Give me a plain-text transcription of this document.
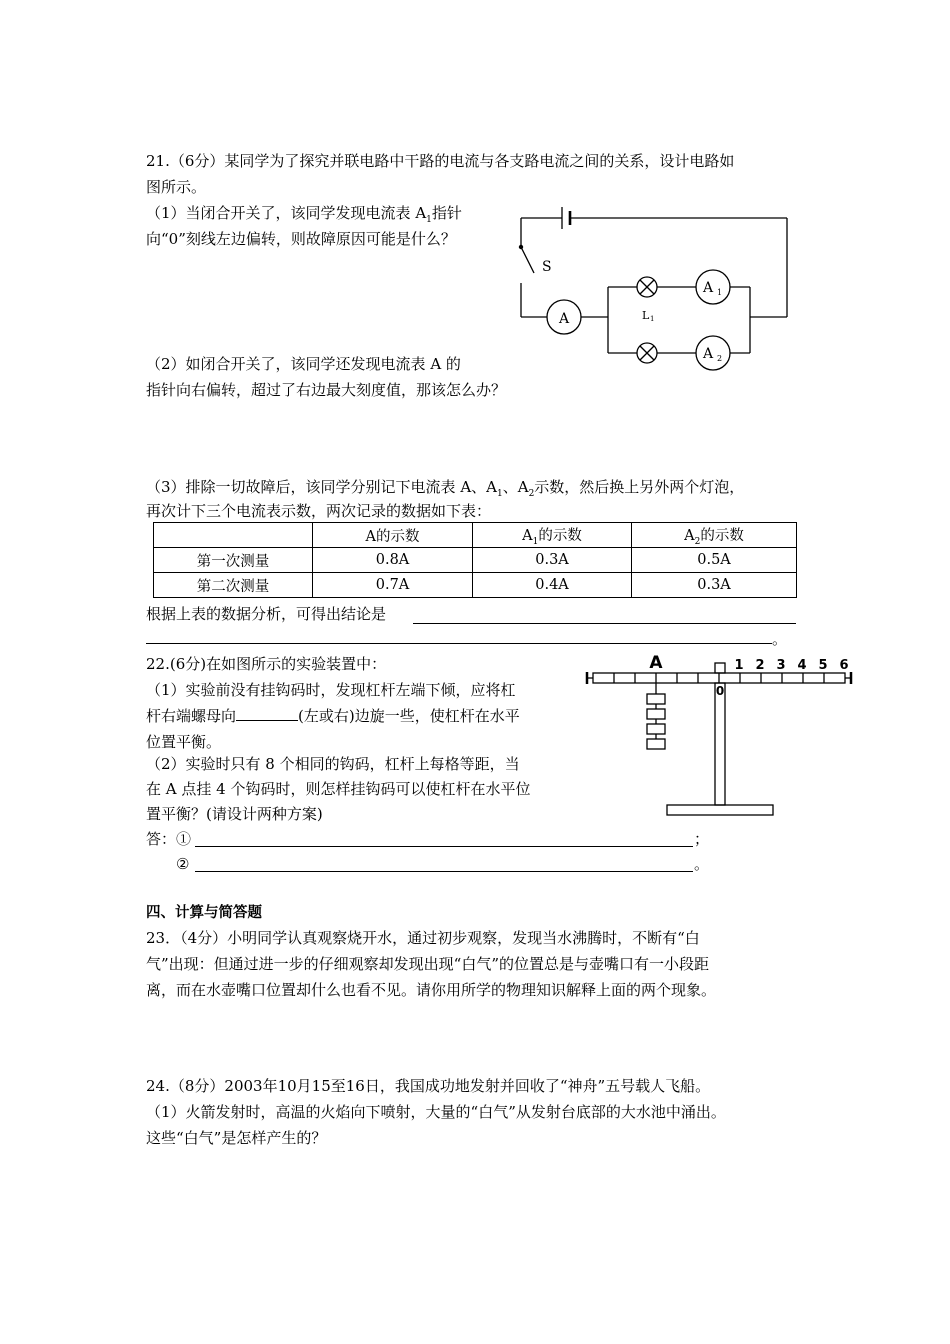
21.（6分）某同学为了探究并联电路中干路的电流与各支路电流之间的关系，设计电路如
图所示。
（1）当闭合开关了，该同学发现电流表 $A_1$指针
向“0”刻线左边偏转，则故障原因可能是什么？
S
A
A 1
A 2
L 1
（2）如闭合开关了，该同学还发现电流表 A 的
指针向右偏转，超过了右边最大刻度值，那该怎么办？
（3）排除一切故障后，该同学分别记下电流表 A、$A_1$、$A_2$示数，然后换上另外两个灯泡，
再次计下三个电流表示数，两次记录的数据如下表：
	A的示数	$A_1$的示数	$A_2$的示数
第一次测量	0.8A	0.3A	0.5A
第二次测量	0.7A	0.4A	0.3A
根据上表的数据分析，可得出结论是
。
22.(6分)在如图所示的实验装置中：
（1）实验前没有挂钩码时，发现杠杆左端下倾，应将杠
杆右端螺母向	(左或右)边旋一些，使杠杆在水平
位置平衡。
（2）实验时只有 8 个相同的钩码，杠杆上每格等距，当
在 A 点挂 4 个钩码时，则怎样挂钩码可以使杠杆在水平位
置平衡？(请设计两种方案)
A	1 2 3 4 5 6
0
答：①	；
②	。
四、计算与简答题
23．（4分）小明同学认真观察烧开水，通过初步观察，发现当水沸腾时，不断有“白
气”出现：但通过进一步的仔细观察却发现出现“白气”的位置总是与壶嘴口有一小段距
离，而在水壶嘴口位置却什么也看不见。请你用所学的物理知识解释上面的两个现象。
24.（8分）2003年10月15至16日，我国成功地发射并回收了“神舟”五号载人飞船。
（1）火箭发射时，高温的火焰向下喷射，大量的“白气”从发射台底部的大水池中涌出。
这些“白气”是怎样产生的？
